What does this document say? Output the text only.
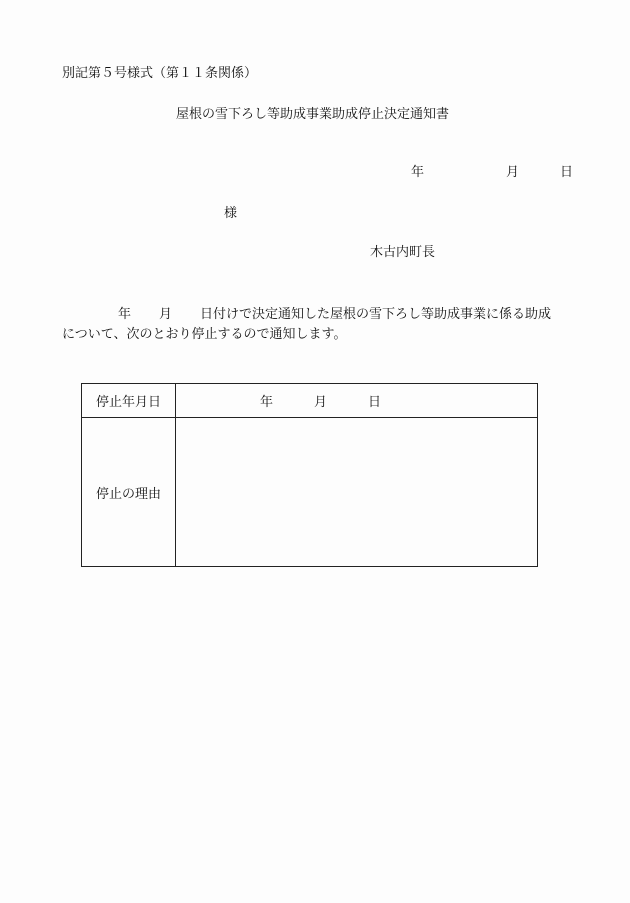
別記第５号様式（第１１条関係）
屋根の雪下ろし等助成事業助成停止決定通知書
年	月	日
様
木古内町長
年 月 日付けで決定通知した屋根の雪下ろし等助成事業に係る助成
について、次のとおり停止するので通知します。
停止年月日	年 月 日
停止の理由	
